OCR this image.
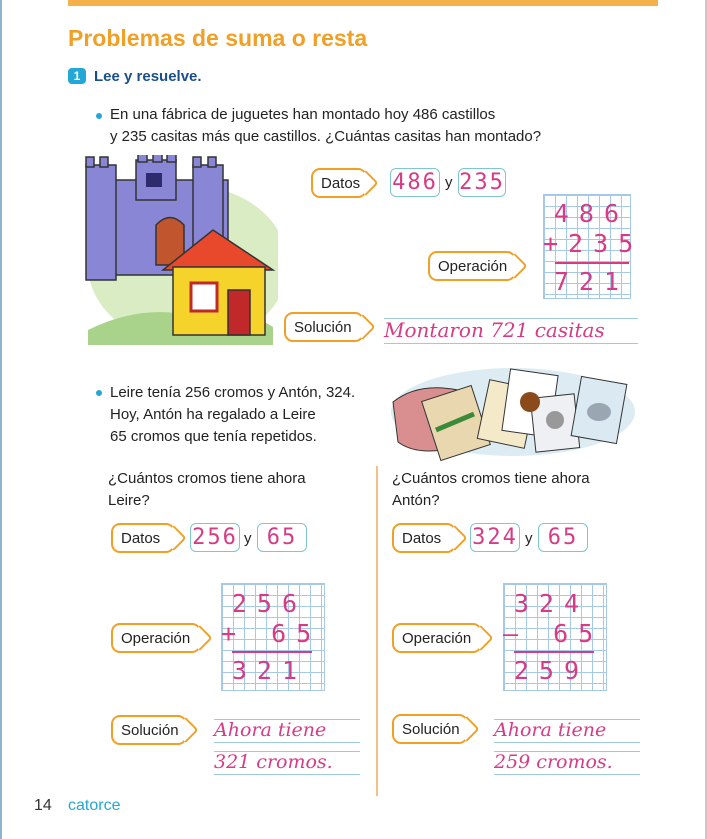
Problemas de suma o resta
1 Lee y resuelve.
En una fábrica de juguetes han montado hoy 486 castillos
y 235 casitas más que castillos. ¿Cuántas casitas han montado?
Datos 486 y 235
Operación
486
+235
721
Solución Montaron 721 casitas
Leire tenía 256 cromos y Antón, 324.
Hoy, Antón ha regalado a Leire
65 cromos que tenía repetidos.
¿Cuántos cromos tiene ahora
Leire?
Datos 256 y 65
Operación
256
+ 65
321
Solución Ahora tiene
321 cromos.
¿Cuántos cromos tiene ahora
Antón?
Datos 324 y 65
Operación
324
– 65
259
Solución Ahora tiene
259 cromos.
14 catorce
